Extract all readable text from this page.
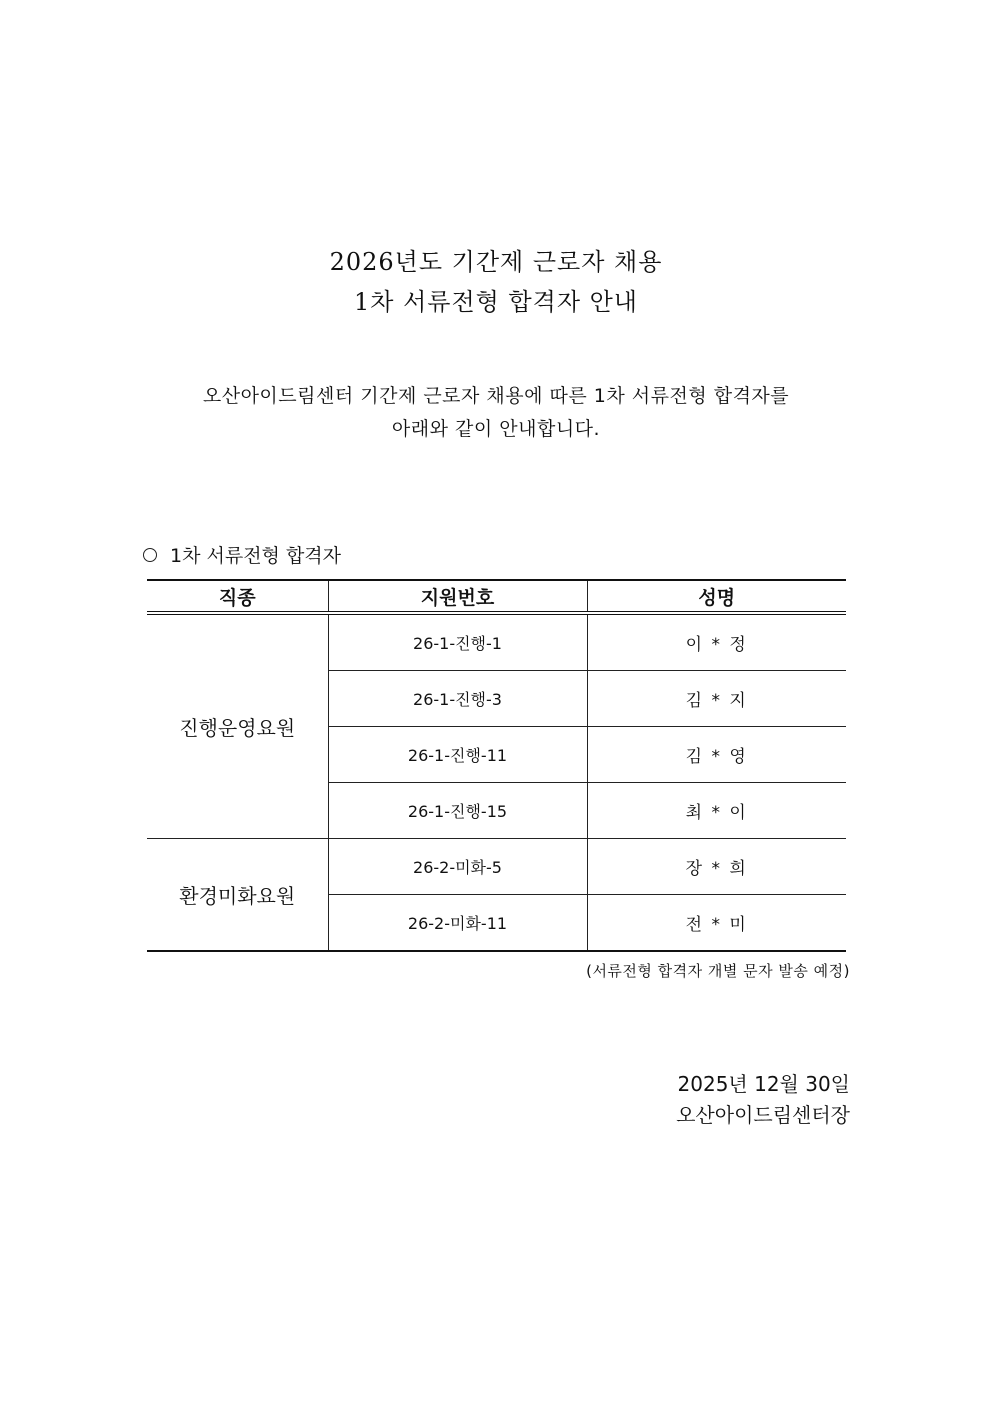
2026년도 기간제 근로자 채용
1차 서류전형 합격자 안내
오산아이드림센터 기간제 근로자 채용에 따른 1차 서류전형 합격자를
아래와 같이 안내합니다.
1차 서류전형 합격자
직종	지원번호	성명
진행운영요원	26-1-진행-1	이 * 정
	26-1-진행-3	김 * 지
	26-1-진행-11	김 * 영
	26-1-진행-15	최 * 이
환경미화요원	26-2-미화-5	장 * 희
	26-2-미화-11	전 * 미
(서류전형 합격자 개별 문자 발송 예정)
2025년 12월 30일
오산아이드림센터장
